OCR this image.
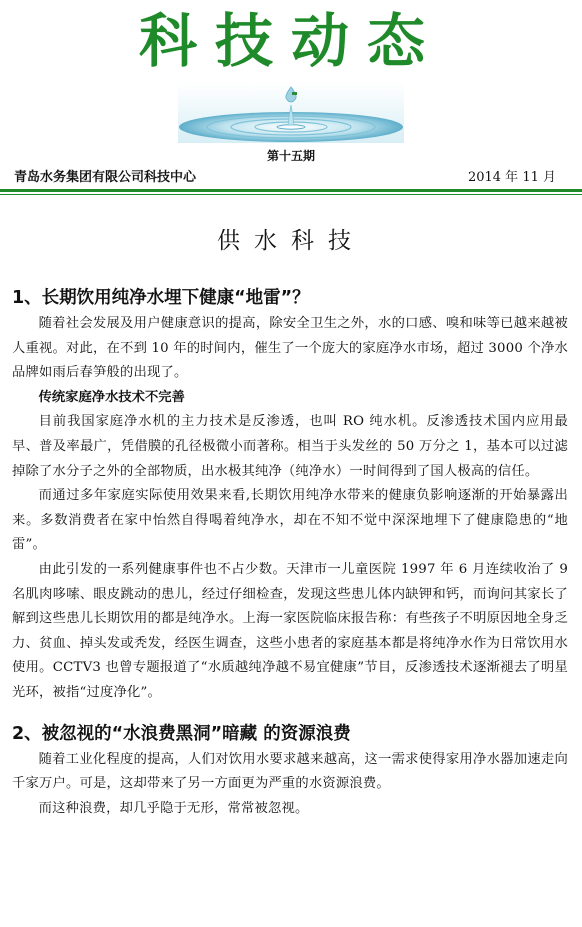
科技动态
第十五期
青岛水务集团有限公司科技中心	2014 年 11 月
供水科技

1、长期饮用纯净水埋下健康“地雷”？

随着社会发展及用户健康意识的提高，除安全卫生之外，水的口感、嗅和味等已越来越被人重视。对此，在不到 10 年的时间内，催生了一个庞大的家庭净水市场，超过 3000 个净水品牌如雨后春笋般的出现了。

传统家庭净水技术不完善

目前我国家庭净水机的主力技术是反渗透，也叫 RO 纯水机。反渗透技术国内应用最早、普及率最广，凭借膜的孔径极微小而著称。相当于头发丝的 50 万分之 1，基本可以过滤掉除了水分子之外的全部物质，出水极其纯净（纯净水）一时间得到了国人极高的信任。

而通过多年家庭实际使用效果来看,长期饮用纯净水带来的健康负影响逐渐的开始暴露出来。多数消费者在家中怡然自得喝着纯净水，却在不知不觉中深深地埋下了健康隐患的“地雷”。

由此引发的一系列健康事件也不占少数。天津市一儿童医院 1997 年 6 月连续收治了 9 名肌肉哆嗦、眼皮跳动的患儿，经过仔细检查，发现这些患儿体内缺钾和钙，而询问其家长了解到这些患儿长期饮用的都是纯净水。上海一家医院临床报告称：有些孩子不明原因地全身乏力、贫血、掉头发或秃发，经医生调查，这些小患者的家庭基本都是将纯净水作为日常饮用水使用。CCTV3 也曾专题报道了“水质越纯净越不易宜健康”节目，反渗透技术逐渐褪去了明星光环，被指“过度净化”。

2、被忽视的“水浪费黑洞”暗藏 的资源浪费

随着工业化程度的提高，人们对饮用水要求越来越高，这一需求使得家用净水器加速走向千家万户。可是，这却带来了另一方面更为严重的水资源浪费。

而这种浪费，却几乎隐于无形，常常被忽视。
